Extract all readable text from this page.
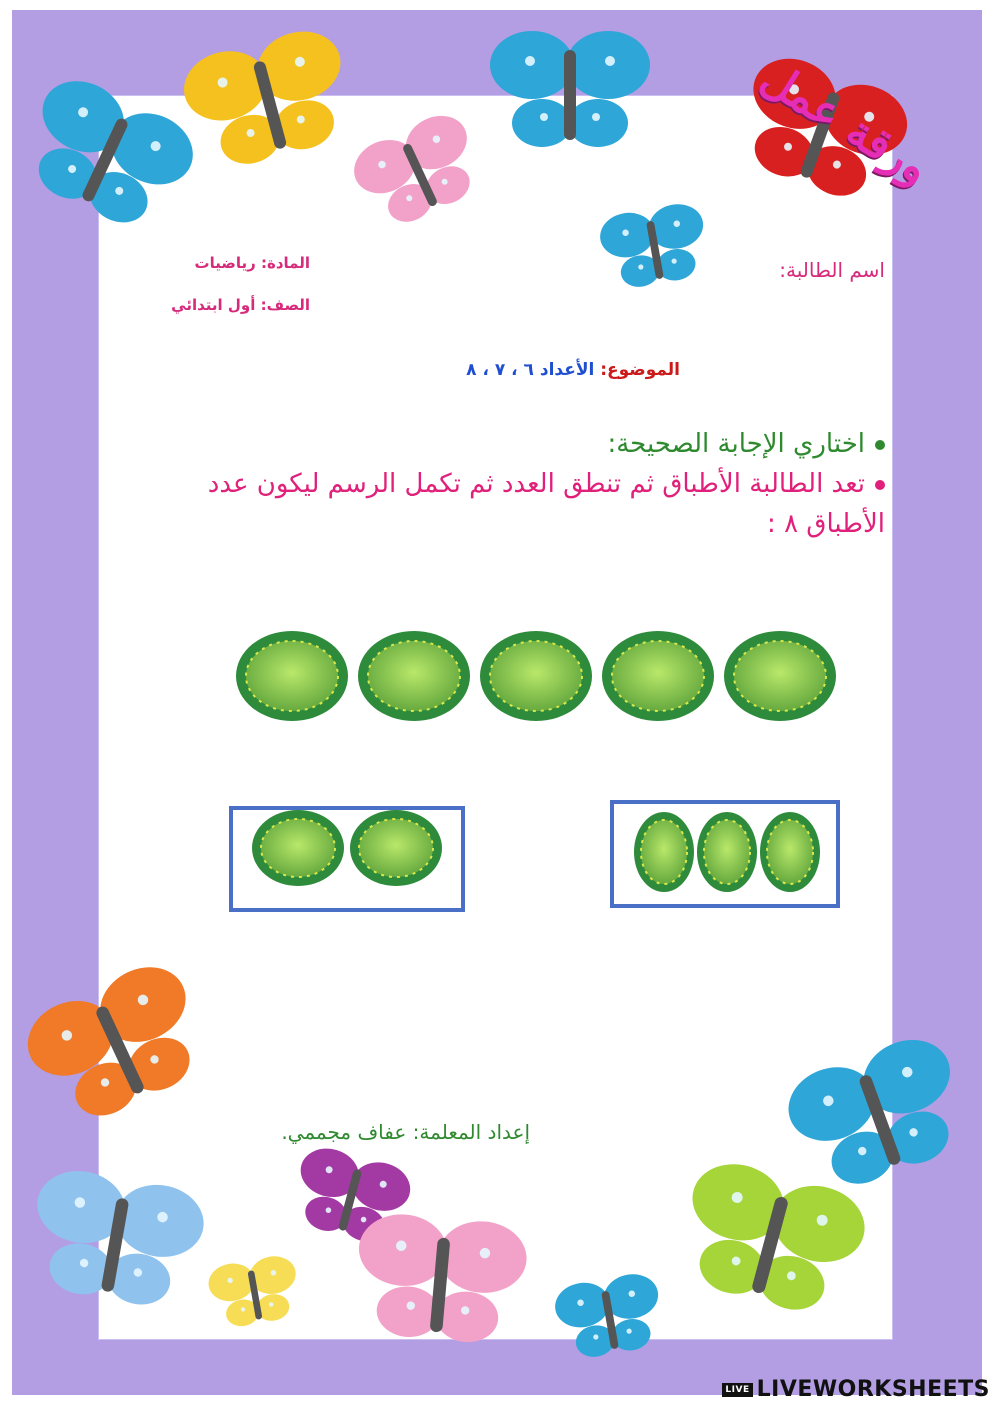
ورقة عمل
اسم الطالبة:
المادة: رياضيات
الصف: أول ابتدائي
الموضوع: الأعداد ٦ ، ٧ ، ٨
اختاري الإجابة الصحيحة:
تعد الطالبة الأطباق ثم تنطق العدد ثم تكمل الرسم ليكون عدد الأطباق ٨ :
إعداد المعلمة: عفاف مجممي.
LIVE LIVEWORKSHEETS
